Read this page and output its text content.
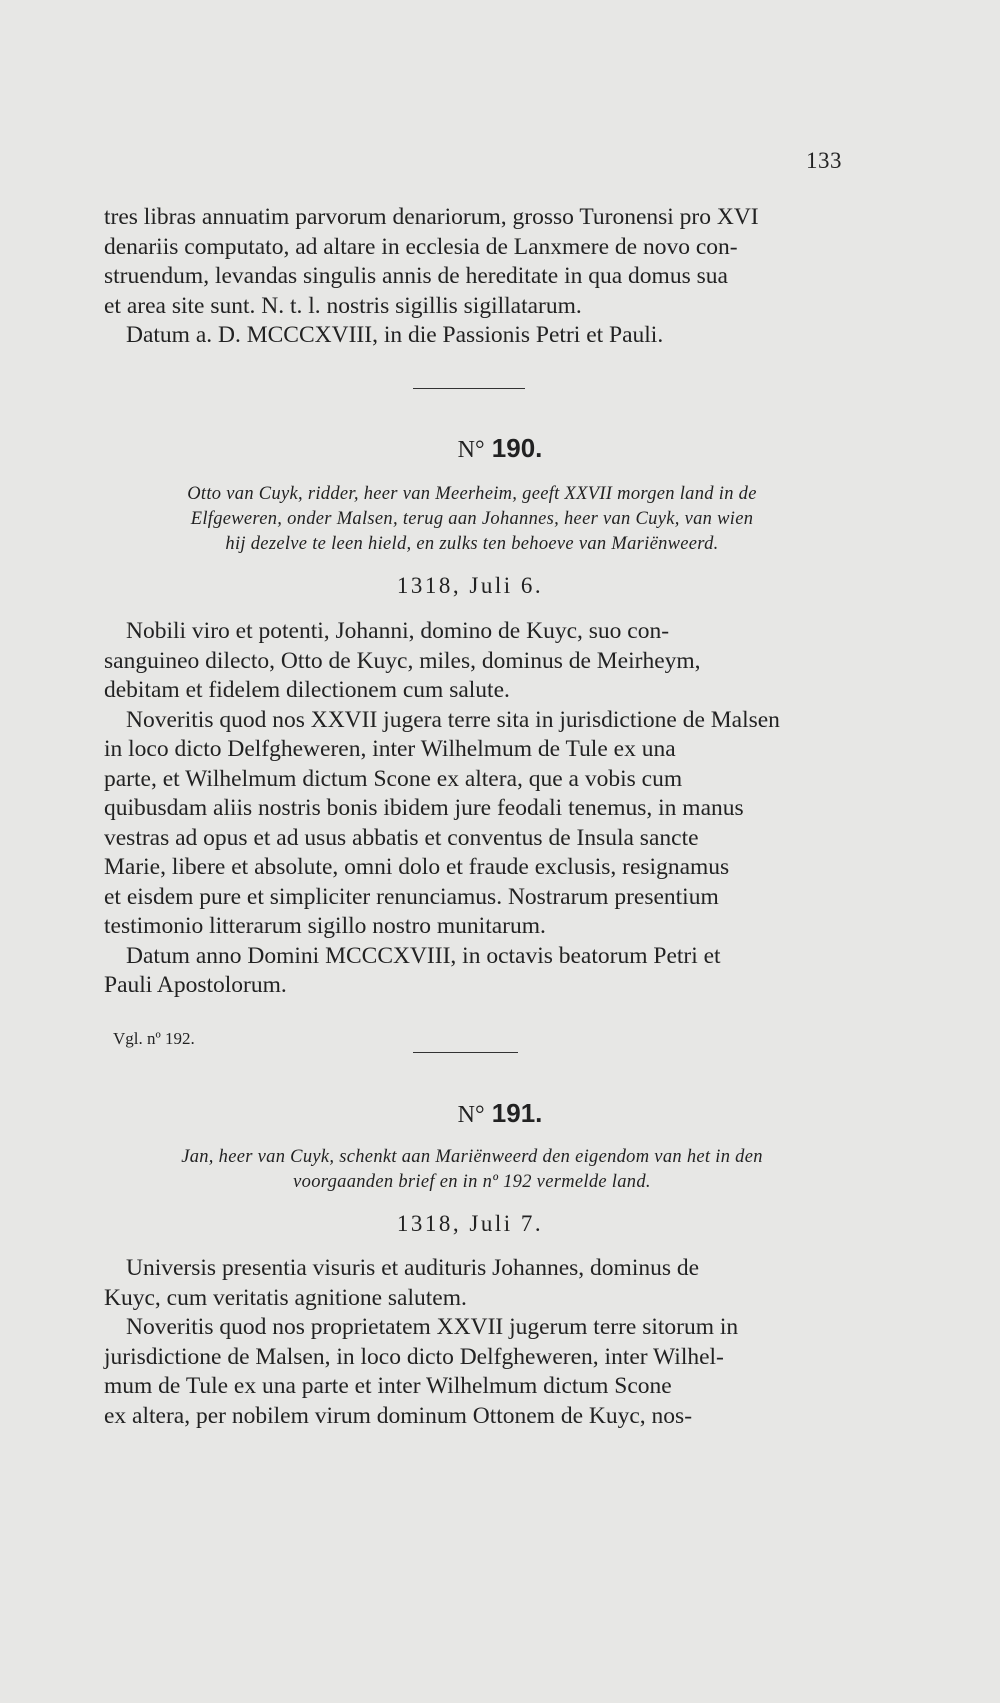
133

tres libras annuatim parvorum denariorum, grosso Turonensi pro XVI

denariis computato, ad altare in ecclesia de Lanxmere de novo con-

struendum, levandas singulis annis de hereditate in qua domus sua

et area site sunt. N. t. l. nostris sigillis sigillatarum.

Datum a. D. MCCCXVIII, in die Passionis Petri et Pauli.

N° 190.
Otto van Cuyk, ridder, heer van Meerheim, geeft XXVII morgen land in de
Elfgeweren, onder Malsen, terug aan Johannes, heer van Cuyk, van wien
hij dezelve te leen hield, en zulks ten behoeve van Mariënweerd.
1318, Juli 6.

Nobili viro et potenti, Johanni, domino de Kuyc, suo con-

sanguineo dilecto, Otto de Kuyc, miles, dominus de Meirheym,

debitam et fidelem dilectionem cum salute.

Noveritis quod nos XXVII jugera terre sita in jurisdictione de Malsen

in loco dicto Delfgheweren, inter Wilhelmum de Tule ex una

parte, et Wilhelmum dictum Scone ex altera, que a vobis cum

quibusdam aliis nostris bonis ibidem jure feodali tenemus, in manus

vestras ad opus et ad usus abbatis et conventus de Insula sancte

Marie, libere et absolute, omni dolo et fraude exclusis, resignamus

et eisdem pure et simpliciter renunciamus. Nostrarum presentium

testimonio litterarum sigillo nostro munitarum.

Datum anno Domini MCCCXVIII, in octavis beatorum Petri et

Pauli Apostolorum.

Vgl. nº 192.
N° 191.
Jan, heer van Cuyk, schenkt aan Mariënweerd den eigendom van het in den
voorgaanden brief en in nº 192 vermelde land.
1318, Juli 7.

Universis presentia visuris et audituris Johannes, dominus de

Kuyc, cum veritatis agnitione salutem.

Noveritis quod nos proprietatem XXVII jugerum terre sitorum in

jurisdictione de Malsen, in loco dicto Delfgheweren, inter Wilhel-

mum de Tule ex una parte et inter Wilhelmum dictum Scone

ex altera, per nobilem virum dominum Ottonem de Kuyc, nos-
